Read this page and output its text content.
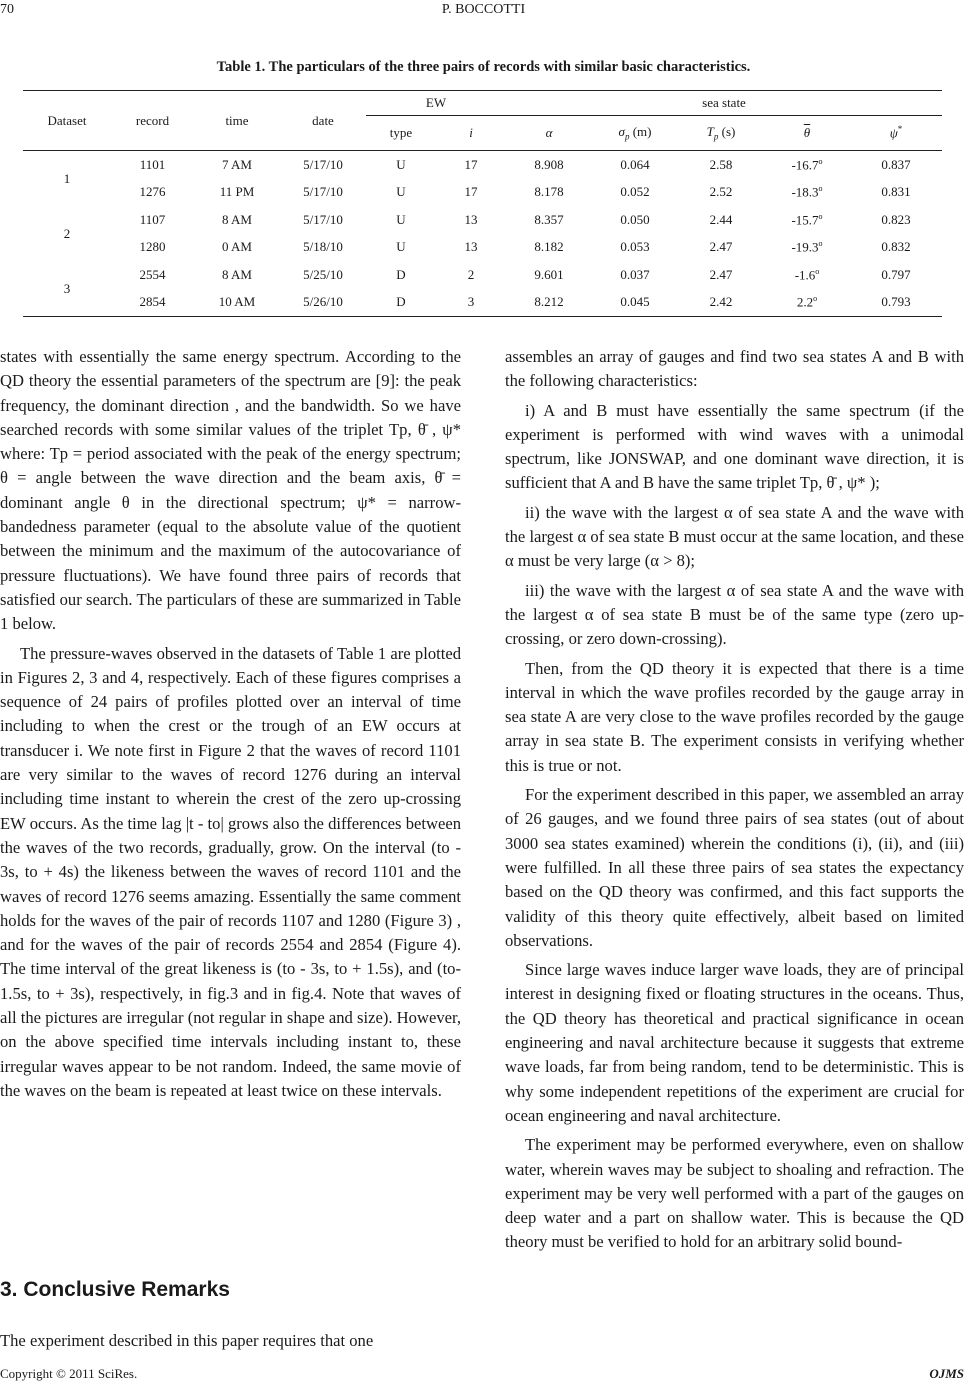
70	P. BOCCOTTI
Table 1. The particulars of the three pairs of records with similar basic characteristics.
Dataset	record	time	date	EW		sea state				
				type	i	α	$\sigma_p$ (m)	$T_p$ (s)	$\overline{\theta}$	ψ*
1	1101	7 AM	5/17/10	U	17	8.908	0.064	2.58	-16.7$^o$	0.837
	1276	11 PM	5/17/10	U	17	8.178	0.052	2.52	-18.3$^o$	0.831
2	1107	8 AM	5/17/10	U	13	8.357	0.050	2.44	-15.7$^o$	0.823
	1280	0 AM	5/18/10	U	13	8.182	0.053	2.47	-19.3$^o$	0.832
3	2554	8 AM	5/25/10	D	2	9.601	0.037	2.47	-1.6$^o$	0.797
	2854	10 AM	5/26/10	D	3	8.212	0.045	2.42	2.2$^o$	0.793

states with essentially the same energy spectrum. According to the QD theory the essential parameters of the spectrum are [9]: the peak frequency, the dominant direction , and the bandwidth. So we have searched records with some similar values of the triplet Tp, θ̄ , ψ* where: Tp = period associated with the peak of the energy spectrum; θ = angle between the wave direction and the beam axis, θ̄ = dominant angle θ in the directional spectrum; ψ* = narrow-bandedness parameter (equal to the absolute value of the quotient between the minimum and the maximum of the autocovariance of pressure fluctuations). We have found three pairs of records that satisfied our search. The particulars of these are summarized in Table 1 below.

The pressure-waves observed in the datasets of Table 1 are plotted in Figures 2, 3 and 4, respectively. Each of these figures comprises a sequence of 24 pairs of profiles plotted over an interval of time including to when the crest or the trough of an EW occurs at transducer i. We note first in Figure 2 that the waves of record 1101 are very similar to the waves of record 1276 during an interval including time instant to wherein the crest of the zero up-crossing EW occurs. As the time lag |t - to| grows also the differences between the waves of the two records, gradually, grow. On the interval (to - 3s, to + 4s) the likeness between the waves of record 1101 and the waves of record 1276 seems amazing. Essentially the same comment holds for the waves of the pair of records 1107 and 1280 (Figure 3) , and for the waves of the pair of records 2554 and 2854 (Figure 4). The time interval of the great likeness is (to - 3s, to + 1.5s), and (to-1.5s, to + 3s), respectively, in fig.3 and in fig.4. Note that waves of all the pictures are irregular (not regular in shape and size). However, on the above specified time intervals including instant to, these irregular waves appear to be not random. Indeed, the same movie of the waves on the beam is repeated at least twice on these intervals.

3. Conclusive Remarks

The experiment described in this paper requires that one

assembles an array of gauges and find two sea states A and B with the following characteristics:

i) A and B must have essentially the same spectrum (if the experiment is performed with wind waves with a unimodal spectrum, like JONSWAP, and one dominant wave direction, it is sufficient that A and B have the same triplet Tp, θ̄ , ψ* );

ii) the wave with the largest α of sea state A and the wave with the largest α of sea state B must occur at the same location, and these α must be very large (α > 8);

iii) the wave with the largest α of sea state A and the wave with the largest α of sea state B must be of the same type (zero up-crossing, or zero down-crossing).

Then, from the QD theory it is expected that there is a time interval in which the wave profiles recorded by the gauge array in sea state A are very close to the wave profiles recorded by the gauge array in sea state B. The experiment consists in verifying whether this is true or not.

For the experiment described in this paper, we assembled an array of 26 gauges, and we found three pairs of sea states (out of about 3000 sea states examined) wherein the conditions (i), (ii), and (iii) were fulfilled. In all these three pairs of sea states the expectancy based on the QD theory was confirmed, and this fact supports the validity of this theory quite effectively, albeit based on limited observations.

Since large waves induce larger wave loads, they are of principal interest in designing fixed or floating structures in the oceans. Thus, the QD theory has theoretical and practical significance in ocean engineering and naval architecture because it suggests that extreme wave loads, far from being random, tend to be deterministic. This is why some independent repetitions of the experiment are crucial for ocean engineering and naval architecture.

The experiment may be performed everywhere, even on shallow water, wherein waves may be subject to shoaling and refraction. The experiment may be very well performed with a part of the gauges on deep water and a part on shallow water. This is because the QD theory must be verified to hold for an arbitrary solid bound-

Copyright © 2011 SciRes.	OJMS
